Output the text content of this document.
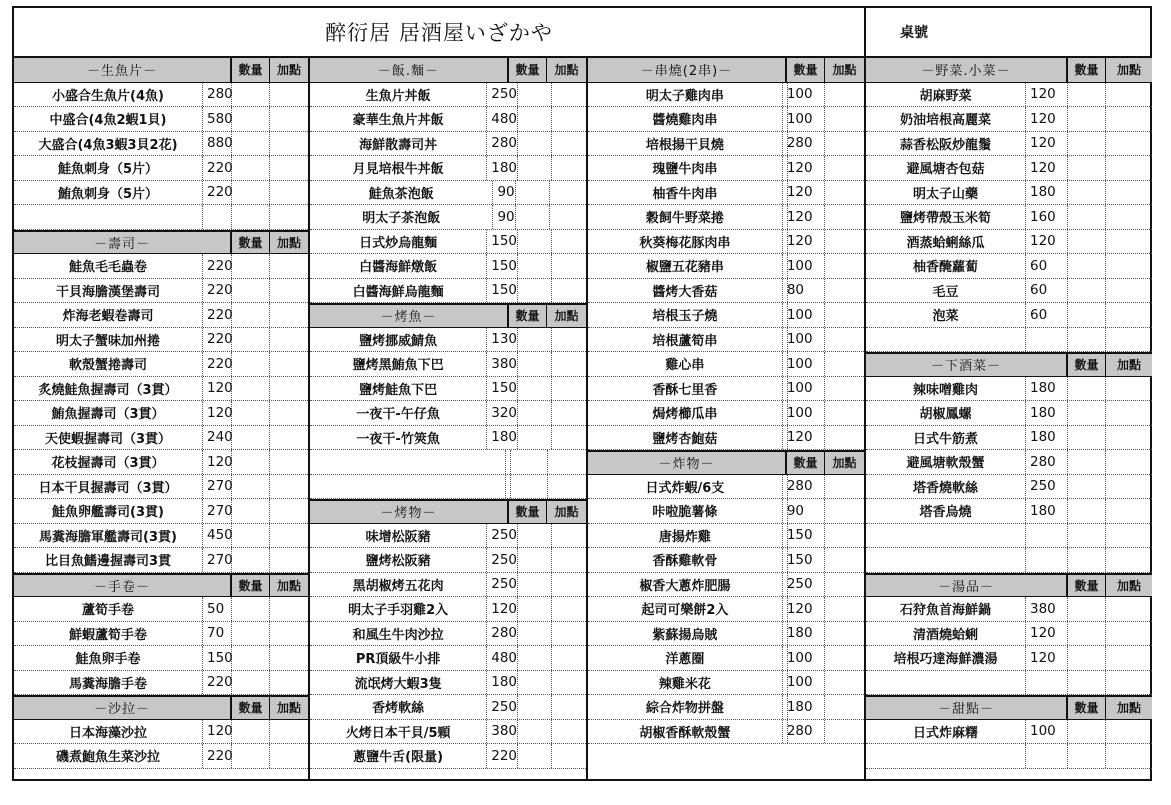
醉衍居 居酒屋いざかや	桌號
－生魚片－	數量	加點
小盛合生魚片(4魚)	280
中盛合(4魚2蝦1貝)	580
大盛合(4魚3蝦3貝2花)	880
鮭魚刺身（5片）	220
鮪魚刺身（5片）	220
－壽司－	數量	加點
鮭魚毛毛蟲卷	220
干貝海膽漢堡壽司	220
炸海老蝦卷壽司	220
明太子蟹味加州捲	220
軟殼蟹捲壽司	220
炙燒鮭魚握壽司（3貫）	120
鮪魚握壽司（3貫）	120
天使蝦握壽司（3貫）	240
花枝握壽司（3貫）	120
日本干貝握壽司（3貫）	270
鮭魚卵艦壽司(3貫)	270
馬糞海膽軍艦壽司(3貫)	450
比目魚鰭邊握壽司3貫	270
－手卷－	數量	加點
蘆筍手卷	50
鮮蝦蘆筍手卷	70
鮭魚卵手卷	150
馬糞海膽手卷	220
－沙拉－	數量	加點
日本海藻沙拉	120
磯煮鮑魚生菜沙拉	220
－飯.麵－	數量	加點
生魚片丼飯	250
豪華生魚片丼飯	480
海鮮散壽司丼	280
月見培根牛丼飯	180
鮭魚茶泡飯	90
明太子茶泡飯	90
日式炒烏龍麵	150
白醬海鮮燉飯	150
白醬海鮮烏龍麵	150
－烤魚－	數量	加點
鹽烤挪威鯖魚	130
鹽烤黑鮪魚下巴	380
鹽烤鮭魚下巴	150
一夜干-午仔魚	320
一夜干-竹筴魚	180
－烤物－	數量	加點
味增松阪豬	250
鹽烤松阪豬	250
黑胡椒烤五花肉	250
明太子手羽雞2入	120
和風生牛肉沙拉	280
PR頂級牛小排	480
流氓烤大蝦3隻	180
香烤軟絲	250
火烤日本干貝/5顆	380
蔥鹽牛舌(限量)	220
－串燒(2串)－	數量	加點
明太子雞肉串	100
醬燒雞肉串	100
培根揚干貝燒	280
瑰鹽牛肉串	120
柚香牛肉串	120
穀飼牛野菜捲	120
秋葵梅花豚肉串	120
椒鹽五花豬串	100
醬烤大香菇	80
培根玉子燒	100
培根蘆筍串	100
雞心串	100
香酥七里香	100
焗烤櫛瓜串	100
鹽烤杏鮑菇	120
－炸物－	數量	加點
日式炸蝦/6支	280
咔啦脆薯條	90
唐揚炸雞	150
香酥雞軟骨	150
椒香大蔥炸肥腸	250
起司可樂餅2入	120
紫蘇揚烏賊	180
洋蔥圈	100
辣雞米花	100
綜合炸物拼盤	180
胡椒香酥軟殼蟹	280
－野菜.小菜－	數量	加點
胡麻野菜	120
奶油培根高麗菜	120
蒜香松阪炒龍鬚	120
避風塘杏包菇	120
明太子山藥	180
鹽烤帶殼玉米筍	160
酒蒸蛤蜊絲瓜	120
柚香醃蘿蔔	60
毛豆	60
泡菜	60
－下酒菜－	數量	加點
辣味噌雞肉	180
胡椒鳳螺	180
日式牛筋煮	180
避風塘軟殼蟹	280
塔香燒軟絲	250
塔香烏燒	180
－湯品－	數量	加點
石狩魚首海鮮鍋	380
清酒燒蛤蜊	120
培根巧達海鮮濃湯	120
－甜點－	數量	加點
日式炸麻糬	100
